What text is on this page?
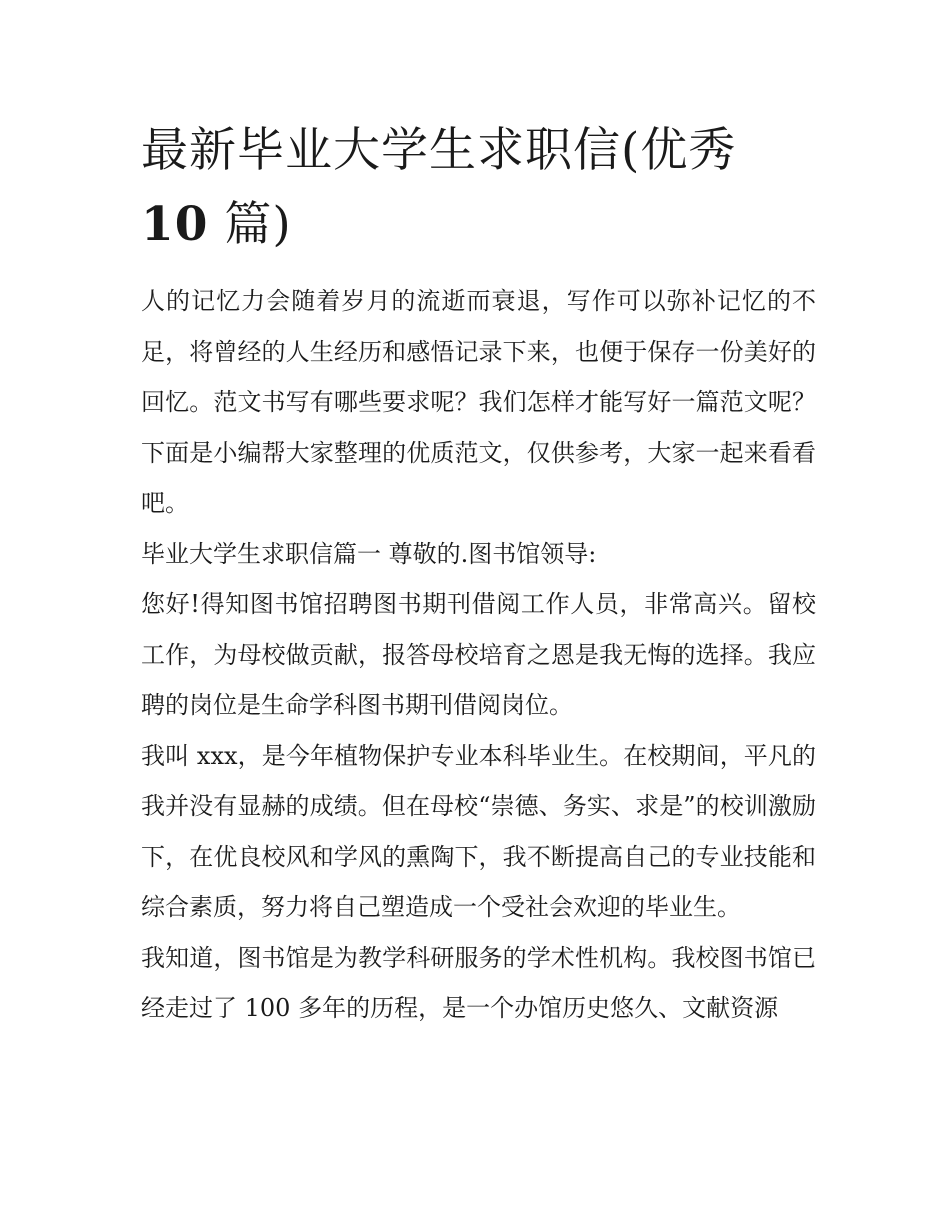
最新毕业大学生求职信(优秀
10 篇)

人的记忆力会随着岁月的流逝而衰退，写作可以弥补记忆的不足，将曾经的人生经历和感悟记录下来，也便于保存一份美好的回忆。范文书写有哪些要求呢？我们怎样才能写好一篇范文呢？下面是小编帮大家整理的优质范文，仅供参考，大家一起来看看吧。

毕业大学生求职信篇一 尊敬的.图书馆领导:

您好!得知图书馆招聘图书期刊借阅工作人员，非常高兴。留校工作，为母校做贡献，报答母校培育之恩是我无悔的选择。我应聘的岗位是生命学科图书期刊借阅岗位。

我叫 xxx，是今年植物保护专业本科毕业生。在校期间，平凡的我并没有显赫的成绩。但在母校“崇德、务实、求是”的校训激励下，在优良校风和学风的熏陶下，我不断提高自己的专业技能和综合素质，努力将自己塑造成一个受社会欢迎的毕业生。

我知道，图书馆是为教学科研服务的学术性机构。我校图书馆已经走过了 100 多年的历程，是一个办馆历史悠久、文献资源
